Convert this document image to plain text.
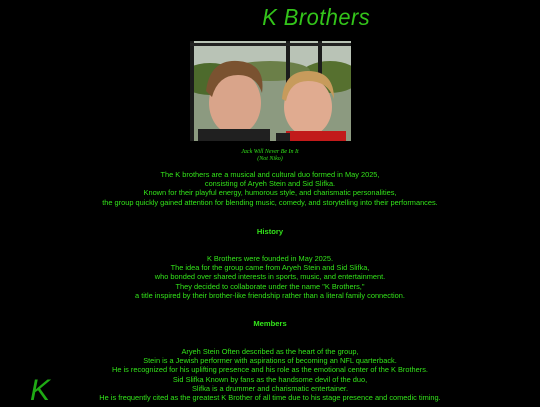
K Brothers
Jack Will Never Be In It
(Not Niko)
The K brothers are a musical and cultural duo formed in May 2025,
consisting of Aryeh Stein and Sid Slifka.
Known for their playful energy, humorous style, and charismatic personalities,
the group quickly gained attention for blending music, comedy, and storytelling into their performances.
History
K Brothers were founded in May 2025.
The idea for the group came from Aryeh Stein and Sid Slifka,
who bonded over shared interests in sports, music, and entertainment.
They decided to collaborate under the name "K Brothers,"
a title inspired by their brother-like friendship rather than a literal family connection.
Members
Aryeh Stein Often described as the heart of the group,
Stein is a Jewish performer with aspirations of becoming an NFL quarterback.
He is recognized for his uplifting presence and his role as the emotional center of the K Brothers.
Sid Slifka Known by fans as the handsome devil of the duo,
Slifka is a drummer and charismatic entertainer.
He is frequently cited as the greatest K Brother of all time due to his stage presence and comedic timing.
K
